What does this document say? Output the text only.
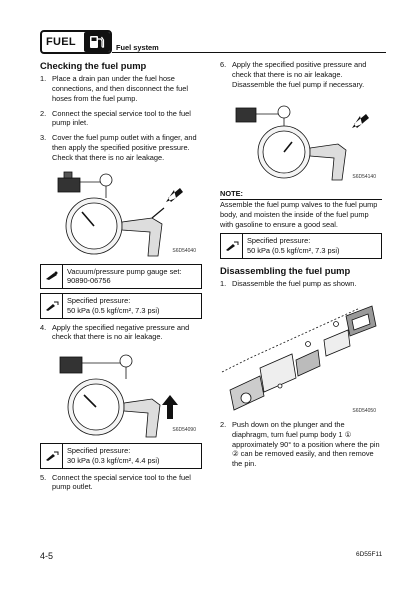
FUEL	Fuel system
Checking the fuel pump
1. Place a drain pan under the fuel hose connections, and then disconnect the fuel hoses from the fuel pump.
2. Connect the special service tool to the fuel pump inlet.
3. Cover the fuel pump outlet with a finger, and then apply the specified positive pressure. Check that there is no air leakage.
S6D54040
Vacuum/pressure pump gauge set:
90890-06756
Specified pressure:
50 kPa (0.5 kgf/cm², 7.3 psi)
4. Apply the specified negative pressure and check that there is no air leakage.
S6D54090
Specified pressure:
30 kPa (0.3 kgf/cm², 4.4 psi)
5. Connect the special service tool to the fuel pump outlet.
6. Apply the specified positive pressure and check that there is no air leakage. Disassemble the fuel pump if necessary.
S6D54140
NOTE:
Assemble the fuel pump valves to the fuel pump body, and moisten the inside of the fuel pump with gasoline to ensure a good seal.
Specified pressure:
50 kPa (0.5 kgf/cm², 7.3 psi)
Disassembling the fuel pump
1. Disassemble the fuel pump as shown.
S6D54050
2. Push down on the plunger and the diaphragm, turn fuel pump body 1 ① approximately 90° to a position where the pin ② can be removed easily, and then remove the pin.
4-5	6D55F11
